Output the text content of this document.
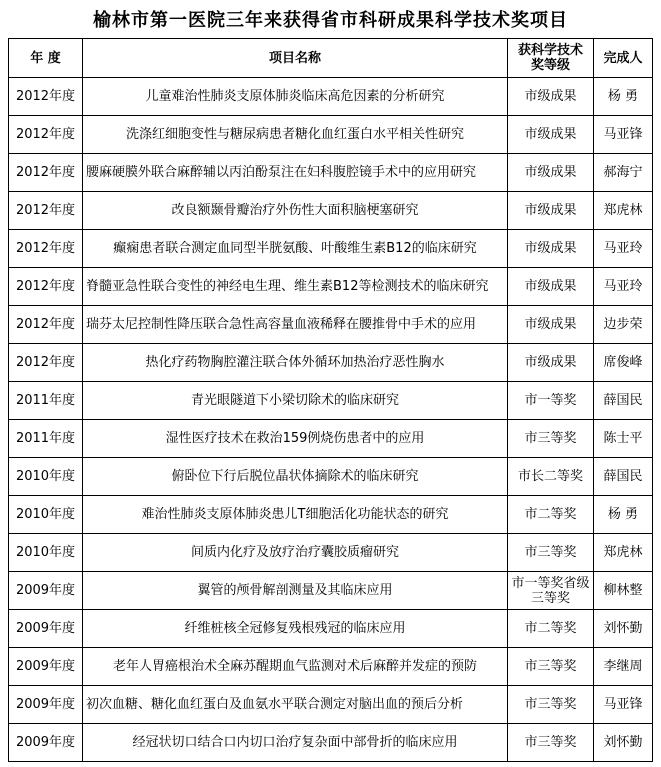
榆林市第一医院三年来获得省市科研成果科学技术奖项目
年 度	项目名称	获科学技术奖等级	完成人
2012年度	儿童难治性肺炎支原体肺炎临床高危因素的分析研究	市级成果	杨 勇
2012年度	洗涤红细胞变性与糖尿病患者糖化血红蛋白水平相关性研究	市级成果	马亚锋
2012年度	腰麻硬膜外联合麻醉辅以丙泊酚泵注在妇科腹腔镜手术中的应用研究	市级成果	郝海宁
2012年度	改良额颞骨瓣治疗外伤性大面积脑梗塞研究	市级成果	郑虎林
2012年度	癫痫患者联合测定血同型半胱氨酸、叶酸维生素B12的临床研究	市级成果	马亚玲
2012年度	脊髓亚急性联合变性的神经电生理、维生素B12等检测技术的临床研究	市级成果	马亚玲
2012年度	瑞芬太尼控制性降压联合急性高容量血液稀释在腰推骨中手术的应用	市级成果	边步荣
2012年度	热化疗药物胸腔灌注联合体外循环加热治疗恶性胸水	市级成果	席俊峰
2011年度	青光眼隧道下小梁切除术的临床研究	市一等奖	薛国民
2011年度	湿性医疗技术在救治159例烧伤患者中的应用	市三等奖	陈士平
2010年度	俯卧位下行后脱位晶状体摘除术的临床研究	市长二等奖	薛国民
2010年度	难治性肺炎支原体肺炎患儿T细胞活化功能状态的研究	市二等奖	杨 勇
2010年度	间质内化疗及放疗治疗囊胶质瘤研究	市三等奖	郑虎林
2009年度	翼管的颅骨解剖测量及其临床应用	市一等奖省级三等奖	柳林整
2009年度	纤维桩核全冠修复残根残冠的临床应用	市二等奖	刘怀勤
2009年度	老年人胃癌根治术全麻苏醒期血气监测对术后麻醉并发症的预防	市三等奖	李继周
2009年度	初次血糖、糖化血红蛋白及血氨水平联合测定对脑出血的预后分析	市三等奖	马亚锋
2009年度	经冠状切口结合口内切口治疗复杂面中部骨折的临床应用	市三等奖	刘怀勤
